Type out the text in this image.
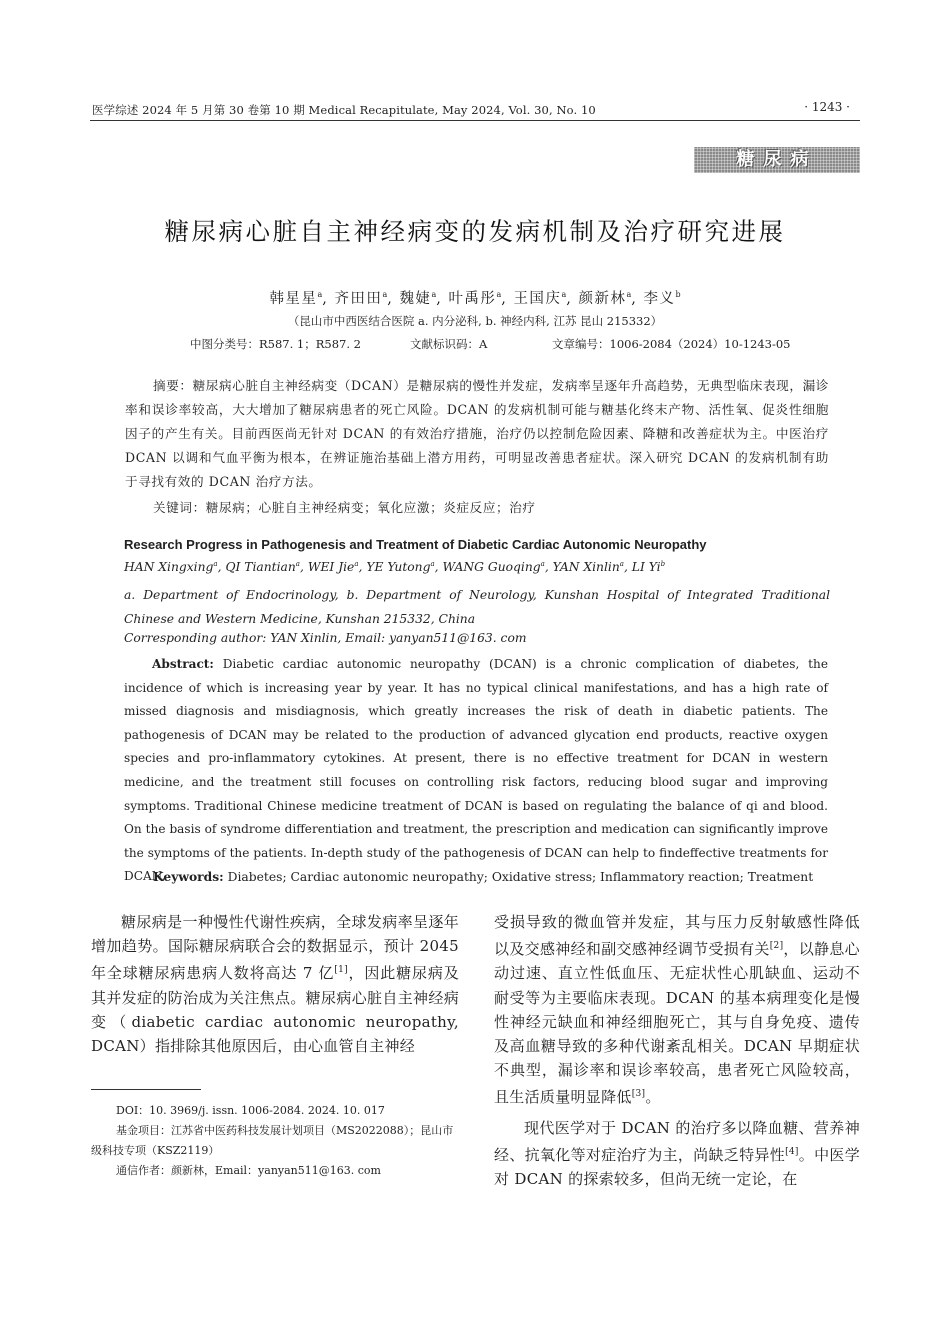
医学综述 2024 年 5 月第 30 卷第 10 期 Medical Recapitulate, May 2024, Vol. 30, No. 10	· 1243 ·
糖尿病
糖尿病心脏自主神经病变的发病机制及治疗研究进展
韩星星$^a$, 齐田田$^a$, 魏婕$^a$, 叶禹彤$^a$, 王国庆$^a$, 颜新林$^a$, 李义$^b$
（昆山市中西医结合医院 a. 内分泌科, b. 神经内科, 江苏 昆山 215332）
中图分类号：R587. 1；R587. 2	文献标识码：A	文章编号：1006-2084（2024）10-1243-05
摘要：糖尿病心脏自主神经病变（DCAN）是糖尿病的慢性并发症，发病率呈逐年升高趋势，无典型临床表现，漏诊率和误诊率较高，大大增加了糖尿病患者的死亡风险。DCAN 的发病机制可能与糖基化终末产物、活性氧、促炎性细胞因子的产生有关。目前西医尚无针对 DCAN 的有效治疗措施，治疗仍以控制危险因素、降糖和改善症状为主。中医治疗 DCAN 以调和气血平衡为根本，在辨证施治基础上潜方用药，可明显改善患者症状。深入研究 DCAN 的发病机制有助于寻找有效的 DCAN 治疗方法。
关键词：糖尿病；心脏自主神经病变；氧化应激；炎症反应；治疗
Research Progress in Pathogenesis and Treatment of Diabetic Cardiac Autonomic Neuropathy
HAN Xingxing$^a$, QI Tiantian$^a$, WEI Jie$^a$, YE Yutong$^a$, WANG Guoqing$^a$, YAN Xinlin$^a$, LI Yi$^b$
a. Department of Endocrinology, b. Department of Neurology, Kunshan Hospital of Integrated Traditional Chinese and Western Medicine, Kunshan 215332, China
Corresponding author: YAN Xinlin, Email: yanyan511@163. com
Abstract: Diabetic cardiac autonomic neuropathy (DCAN) is a chronic complication of diabetes, the incidence of which is increasing year by year. It has no typical clinical manifestations, and has a high rate of missed diagnosis and misdiagnosis, which greatly increases the risk of death in diabetic patients. The pathogenesis of DCAN may be related to the production of advanced glycation end products, reactive oxygen species and pro-inflammatory cytokines. At present, there is no effective treatment for DCAN in western medicine, and the treatment still focuses on controlling risk factors, reducing blood sugar and improving symptoms. Traditional Chinese medicine treatment of DCAN is based on regulating the balance of qi and blood. On the basis of syndrome differentiation and treatment, the prescription and medication can significantly improve the symptoms of the patients. In-depth study of the pathogenesis of DCAN can help to findeffective treatments for DCAN.
Keywords: Diabetes; Cardiac autonomic neuropathy; Oxidative stress; Inflammatory reaction; Treatment

糖尿病是一种慢性代谢性疾病，全球发病率呈逐年增加趋势。国际糖尿病联合会的数据显示，预计 2045 年全球糖尿病患病人数将高达 7 亿[1]，因此糖尿病及其并发症的防治成为关注焦点。糖尿病心脏自主神经病变（diabetic cardiac autonomic neuropathy, DCAN）指排除其他原因后，由心血管自主神经

受损导致的微血管并发症，其与压力反射敏感性降低以及交感神经和副交感神经调节受损有关[2]，以静息心动过速、直立性低血压、无症状性心肌缺血、运动不耐受等为主要临床表现。DCAN 的基本病理变化是慢性神经元缺血和神经细胞死亡，其与自身免疫、遗传及高血糖导致的多种代谢紊乱相关。DCAN 早期症状不典型，漏诊率和误诊率较高，患者死亡风险较高，且生活质量明显降低[3]。

现代医学对于 DCAN 的治疗多以降血糖、营养神经、抗氧化等对症治疗为主，尚缺乏特异性[4]。中医学对 DCAN 的探索较多，但尚无统一定论，在

DOI：10. 3969/j. issn. 1006-2084. 2024. 10. 017
基金项目：江苏省中医药科技发展计划项目（MS2022088）；昆山市级科技专项（KSZ2119）
通信作者：颜新林，Email：yanyan511@163. com
